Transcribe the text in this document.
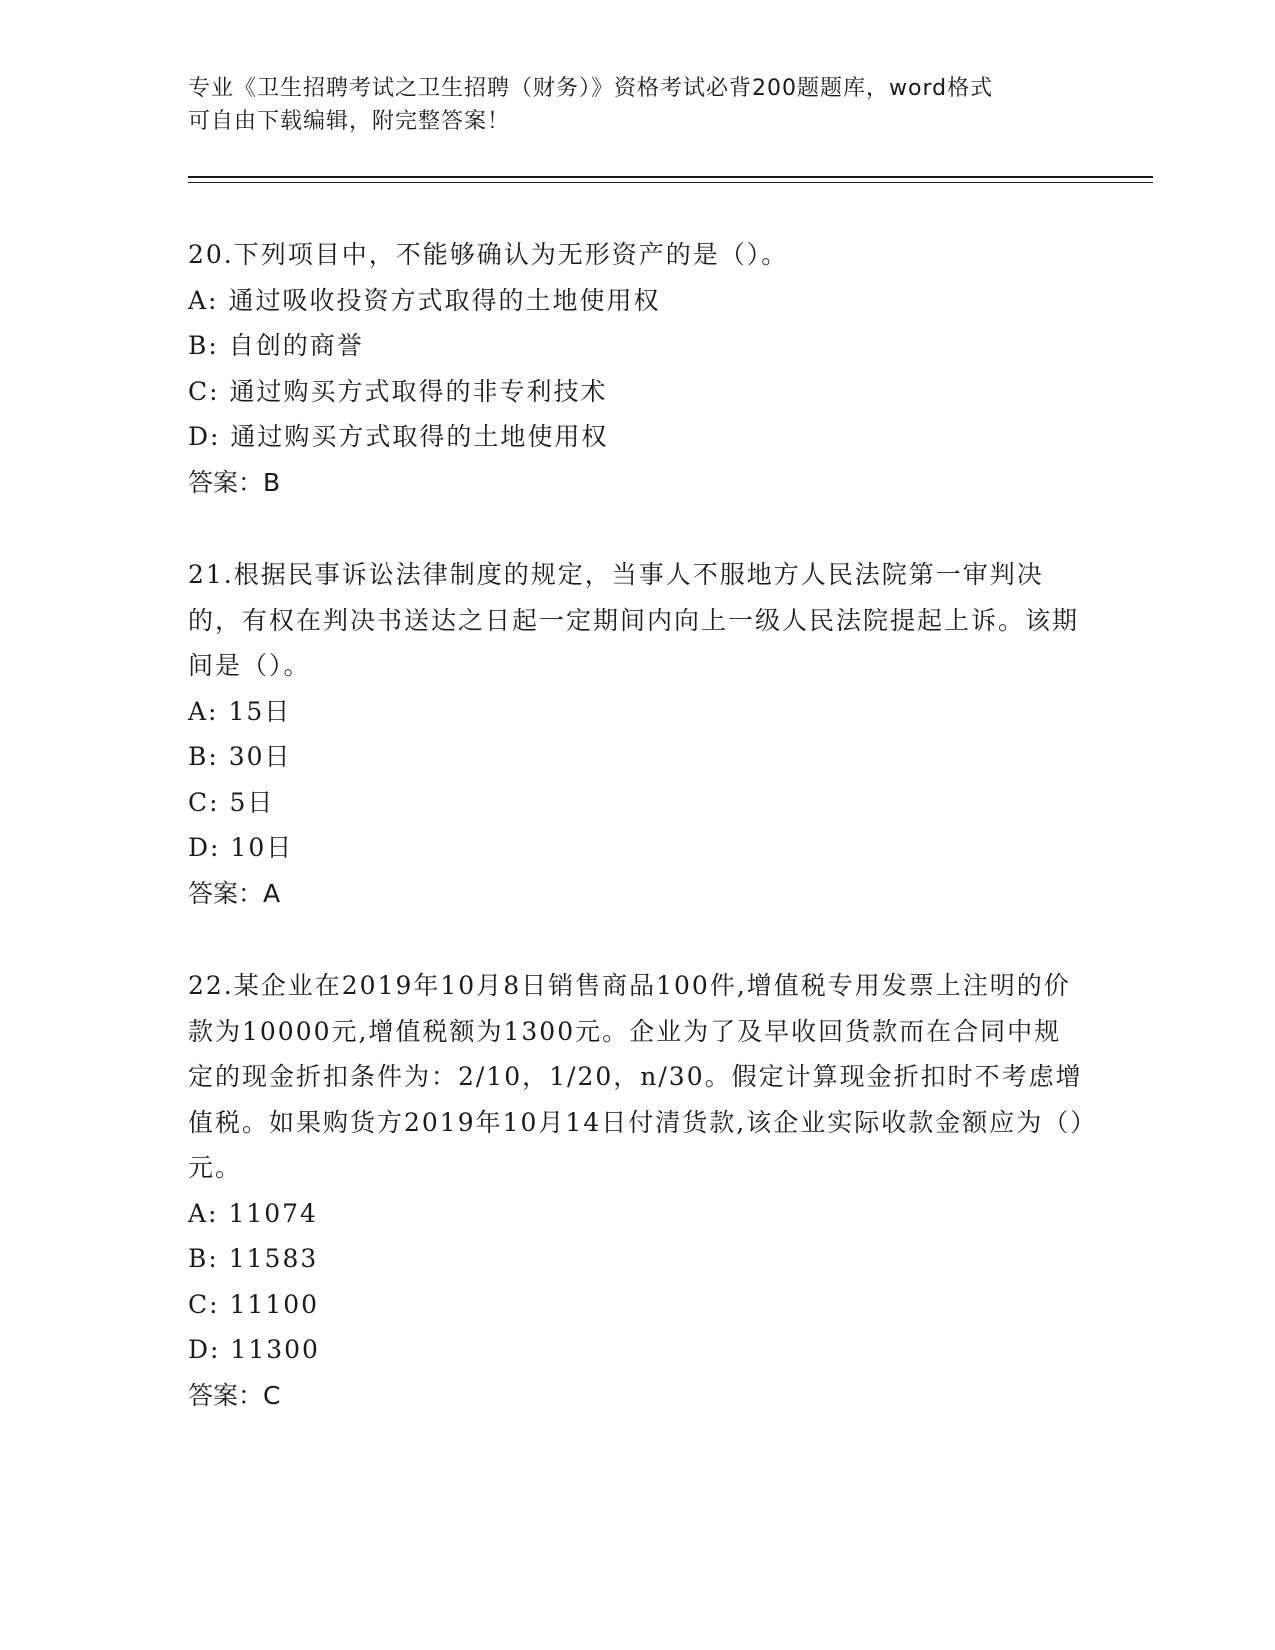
专业《卫生招聘考试之卫生招聘（财务）》资格考试必背200题题库，word格式
可自由下载编辑，附完整答案！

20.下列项目中，不能够确认为无形资产的是（）。

A: 通过吸收投资方式取得的土地使用权

B: 自创的商誉

C: 通过购买方式取得的非专利技术

D: 通过购买方式取得的土地使用权

答案：B

21.根据民事诉讼法律制度的规定，当事人不服地方人民法院第一审判决的，有权在判决书送达之日起一定期间内向上一级人民法院提起上诉。该期间是（）。

A: 15日

B: 30日

C: 5日

D: 10日

答案：A

22.某企业在2019年10月8日销售商品100件,增值税专用发票上注明的价款为10000元,增值税额为1300元。企业为了及早收回货款而在合同中规定的现金折扣条件为：2/10，1/20，n/30。假定计算现金折扣时不考虑增值税。如果购货方2019年10月14日付清货款,该企业实际收款金额应为（）元。

A: 11074

B: 11583

C: 11100

D: 11300

答案：C
